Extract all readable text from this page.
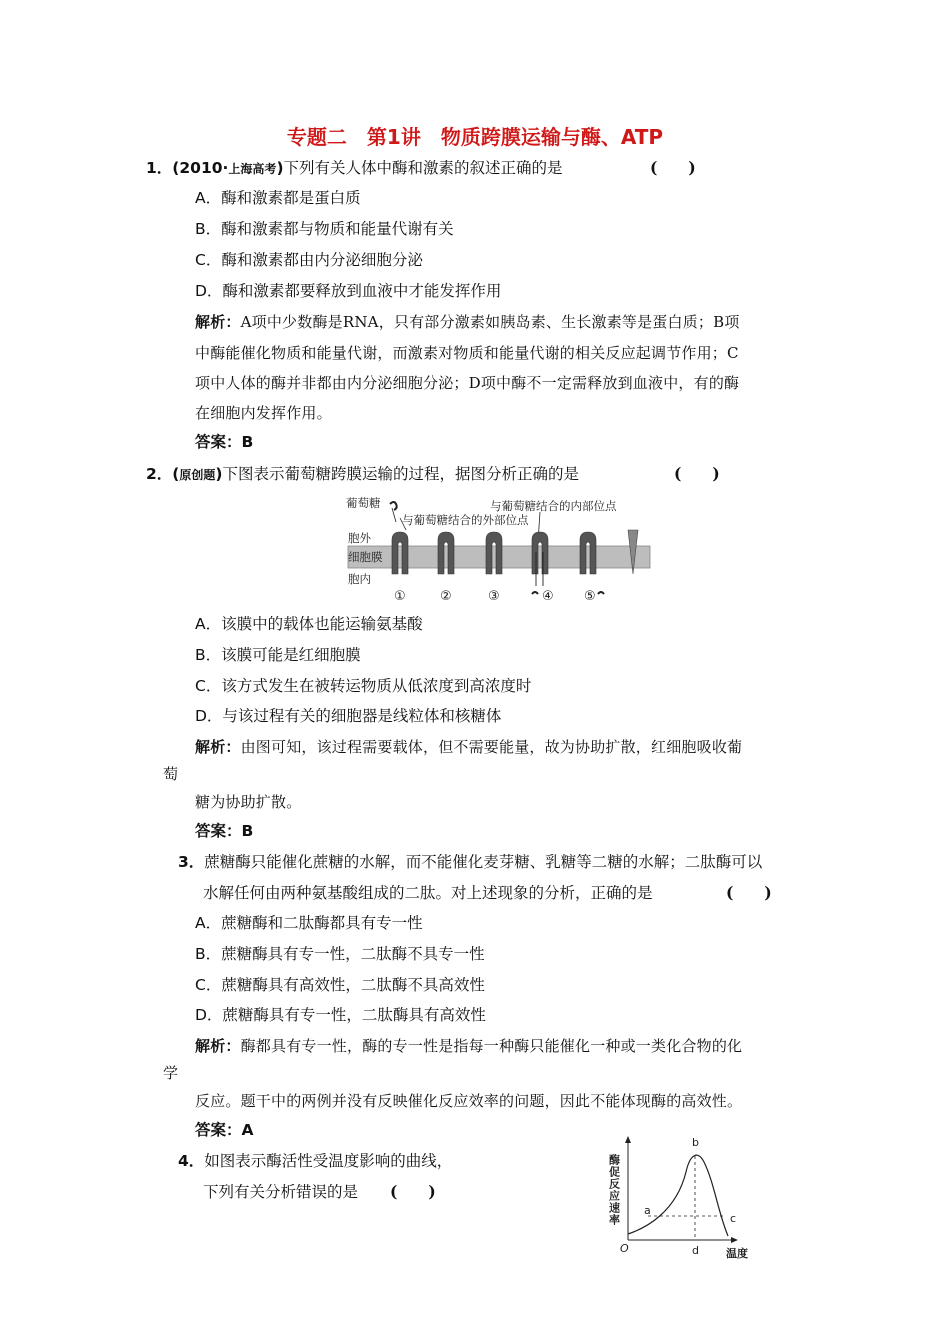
专题二　第1讲　物质跨膜运输与酶、ATP
1．(2010·上海高考)下列有关人体中酶和激素的叙述正确的是	(　　)
A．酶和激素都是蛋白质
B．酶和激素都与物质和能量代谢有关
C．酶和激素都由内分泌细胞分泌
D．酶和激素都要释放到血液中才能发挥作用
解析：A项中少数酶是RNA，只有部分激素如胰岛素、生长激素等是蛋白质；B项
中酶能催化物质和能量代谢，而激素对物质和能量代谢的相关反应起调节作用；C
项中人体的酶并非都由内分泌细胞分泌；D项中酶不一定需释放到血液中，有的酶
在细胞内发挥作用。
答案：B
2．(原创题)下图表示葡萄糖跨膜运输的过程，据图分析正确的是	(　　)
葡萄糖	与葡萄糖结合的内部位点
与葡萄糖结合的外部位点
胞外
细胞膜
胞内
①	②	③	④ ⑤
A．该膜中的载体也能运输氨基酸
B．该膜可能是红细胞膜
C．该方式发生在被转运物质从低浓度到高浓度时
D．与该过程有关的细胞器是线粒体和核糖体
解析：由图可知，该过程需要载体，但不需要能量，故为协助扩散，红细胞吸收葡
萄
糖为协助扩散。
答案：B
3．蔗糖酶只能催化蔗糖的水解，而不能催化麦芽糖、乳糖等二糖的水解；二肽酶可以
水解任何由两种氨基酸组成的二肽。对上述现象的分析，正确的是	(　　)
A．蔗糖酶和二肽酶都具有专一性
B．蔗糖酶具有专一性，二肽酶不具专一性
C．蔗糖酶具有高效性，二肽酶不具高效性
D．蔗糖酶具有专一性，二肽酶具有高效性
解析：酶都具有专一性，酶的专一性是指每一种酶只能催化一种或一类化合物的化
学
反应。题干中的两例并没有反映催化反应效率的问题，因此不能体现酶的高效性。
答案：A
4．如图表示酶活性受温度影响的曲线，
下列有关分析错误的是 (　　)	酶促反应速率
b
a
c
d
O	温度
